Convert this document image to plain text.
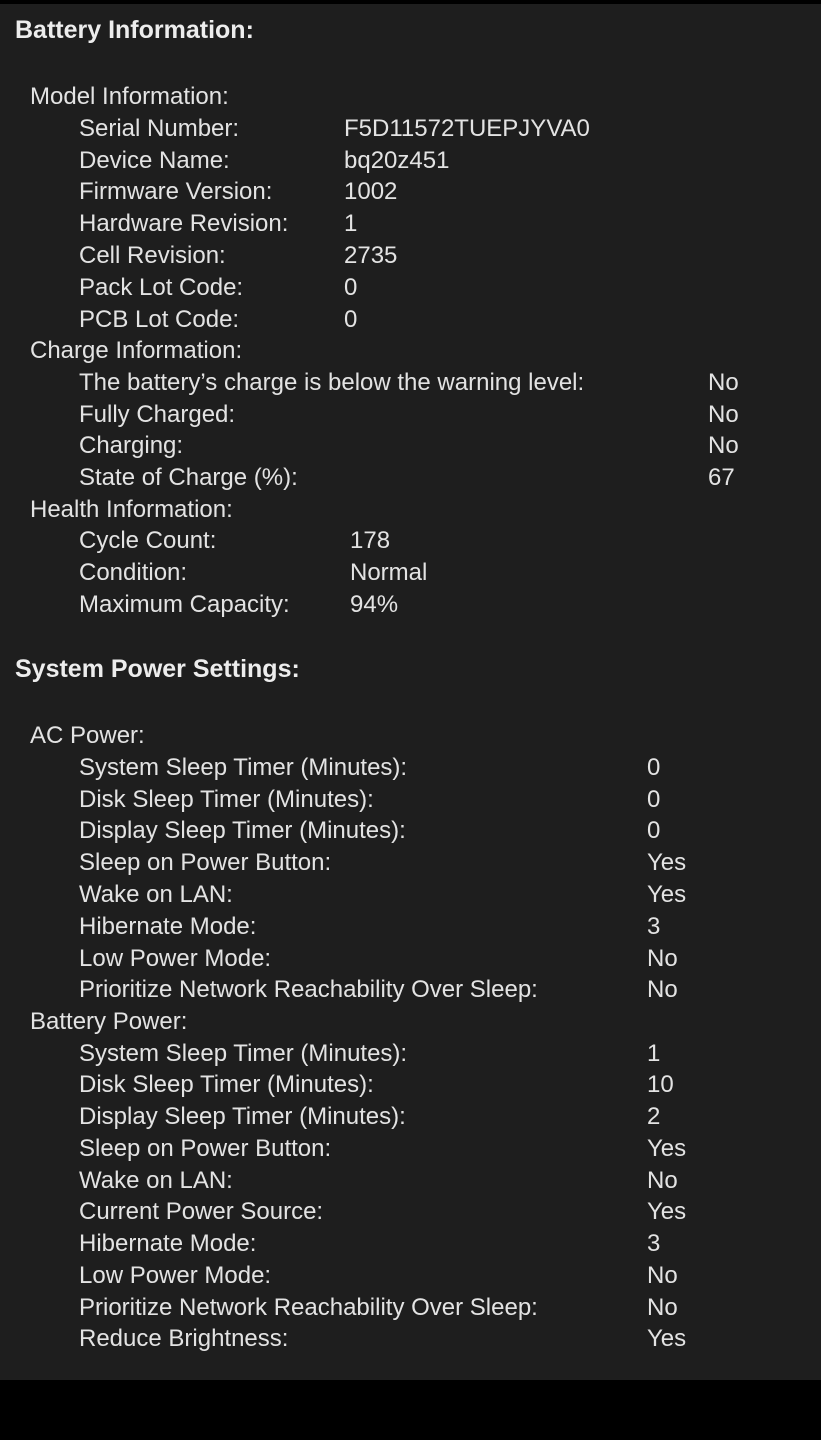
Battery Information:
Model Information:
Serial Number:	F5D11572TUEPJYVA0
Device Name:	bq20z451
Firmware Version:	1002
Hardware Revision: 1
Cell Revision:	2735
Pack Lot Code:	0
PCB Lot Code:	0
Charge Information:
The battery’s charge is below the warning level:	No
Fully Charged:	No
Charging:	No
State of Charge (%):	67
Health Information:
Cycle Count:	178
Condition:	Normal
Maximum Capacity:	94%
System Power Settings:
AC Power:
System Sleep Timer (Minutes):	0
Disk Sleep Timer (Minutes):	0
Display Sleep Timer (Minutes):	0
Sleep on Power Button:	Yes
Wake on LAN:	Yes
Hibernate Mode:	3
Low Power Mode:	No
Prioritize Network Reachability Over Sleep:	No
Battery Power:
System Sleep Timer (Minutes):	1
Disk Sleep Timer (Minutes):	10
Display Sleep Timer (Minutes):	2
Sleep on Power Button:	Yes
Wake on LAN:	No
Current Power Source:	Yes
Hibernate Mode:	3
Low Power Mode:	No
Prioritize Network Reachability Over Sleep:	No
Reduce Brightness:	Yes
